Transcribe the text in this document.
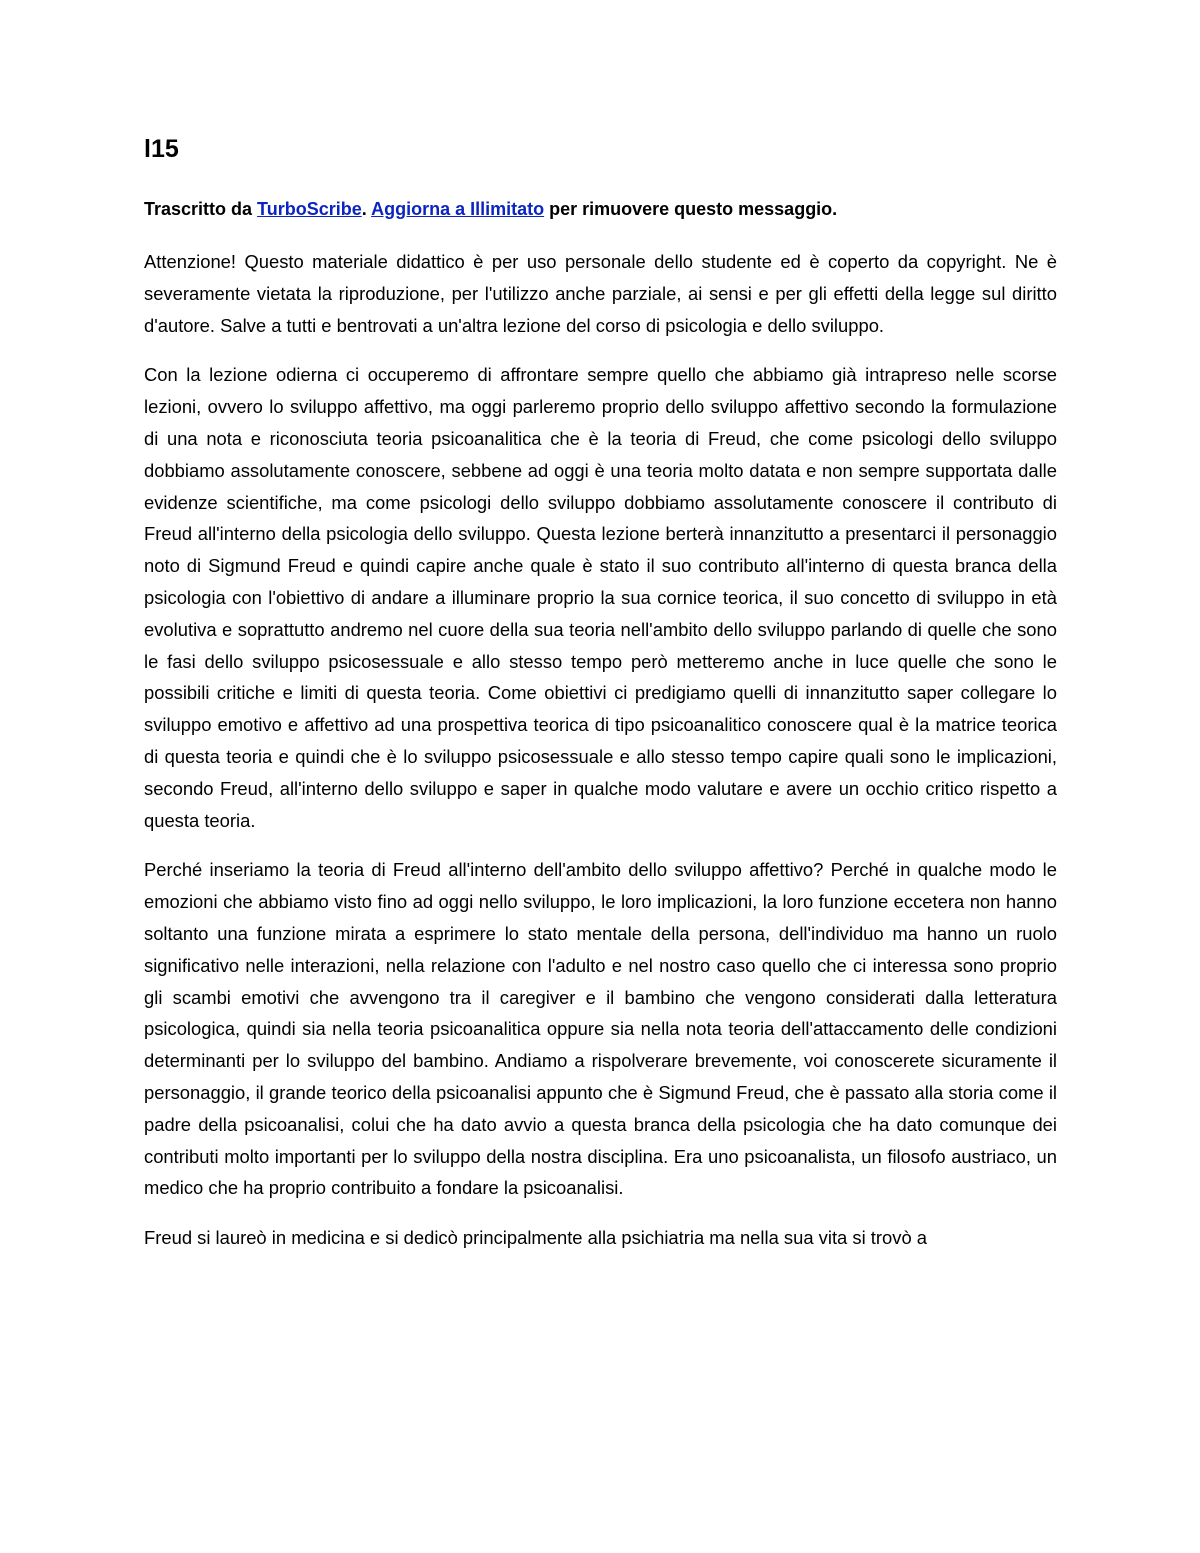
l15
Trascritto da TurboScribe. Aggiorna a Illimitato per rimuovere questo messaggio.

Attenzione! Questo materiale didattico è per uso personale dello studente ed è coperto da copyright. Ne è severamente vietata la riproduzione, per l'utilizzo anche parziale, ai sensi e per gli effetti della legge sul diritto d'autore. Salve a tutti e bentrovati a un'altra lezione del corso di psicologia e dello sviluppo.

Con la lezione odierna ci occuperemo di affrontare sempre quello che abbiamo già intrapreso nelle scorse lezioni, ovvero lo sviluppo affettivo, ma oggi parleremo proprio dello sviluppo affettivo secondo la formulazione di una nota e riconosciuta teoria psicoanalitica che è la teoria di Freud, che come psicologi dello sviluppo dobbiamo assolutamente conoscere, sebbene ad oggi è una teoria molto datata e non sempre supportata dalle evidenze scientifiche, ma come psicologi dello sviluppo dobbiamo assolutamente conoscere il contributo di Freud all'interno della psicologia dello sviluppo. Questa lezione berterà innanzitutto a presentarci il personaggio noto di Sigmund Freud e quindi capire anche quale è stato il suo contributo all'interno di questa branca della psicologia con l'obiettivo di andare a illuminare proprio la sua cornice teorica, il suo concetto di sviluppo in età evolutiva e soprattutto andremo nel cuore della sua teoria nell'ambito dello sviluppo parlando di quelle che sono le fasi dello sviluppo psicosessuale e allo stesso tempo però metteremo anche in luce quelle che sono le possibili critiche e limiti di questa teoria. Come obiettivi ci predigiamo quelli di innanzitutto saper collegare lo sviluppo emotivo e affettivo ad una prospettiva teorica di tipo psicoanalitico conoscere qual è la matrice teorica di questa teoria e quindi che è lo sviluppo psicosessuale e allo stesso tempo capire quali sono le implicazioni, secondo Freud, all'interno dello sviluppo e saper in qualche modo valutare e avere un occhio critico rispetto a questa teoria.

Perché inseriamo la teoria di Freud all'interno dell'ambito dello sviluppo affettivo? Perché in qualche modo le emozioni che abbiamo visto fino ad oggi nello sviluppo, le loro implicazioni, la loro funzione eccetera non hanno soltanto una funzione mirata a esprimere lo stato mentale della persona, dell'individuo ma hanno un ruolo significativo nelle interazioni, nella relazione con l'adulto e nel nostro caso quello che ci interessa sono proprio gli scambi emotivi che avvengono tra il caregiver e il bambino che vengono considerati dalla letteratura psicologica, quindi sia nella teoria psicoanalitica oppure sia nella nota teoria dell'attaccamento delle condizioni determinanti per lo sviluppo del bambino. Andiamo a rispolverare brevemente, voi conoscerete sicuramente il personaggio, il grande teorico della psicoanalisi appunto che è Sigmund Freud, che è passato alla storia come il padre della psicoanalisi, colui che ha dato avvio a questa branca della psicologia che ha dato comunque dei contributi molto importanti per lo sviluppo della nostra disciplina. Era uno psicoanalista, un filosofo austriaco, un medico che ha proprio contribuito a fondare la psicoanalisi.

Freud si laureò in medicina e si dedicò principalmente alla psichiatria ma nella sua vita si trovò a
